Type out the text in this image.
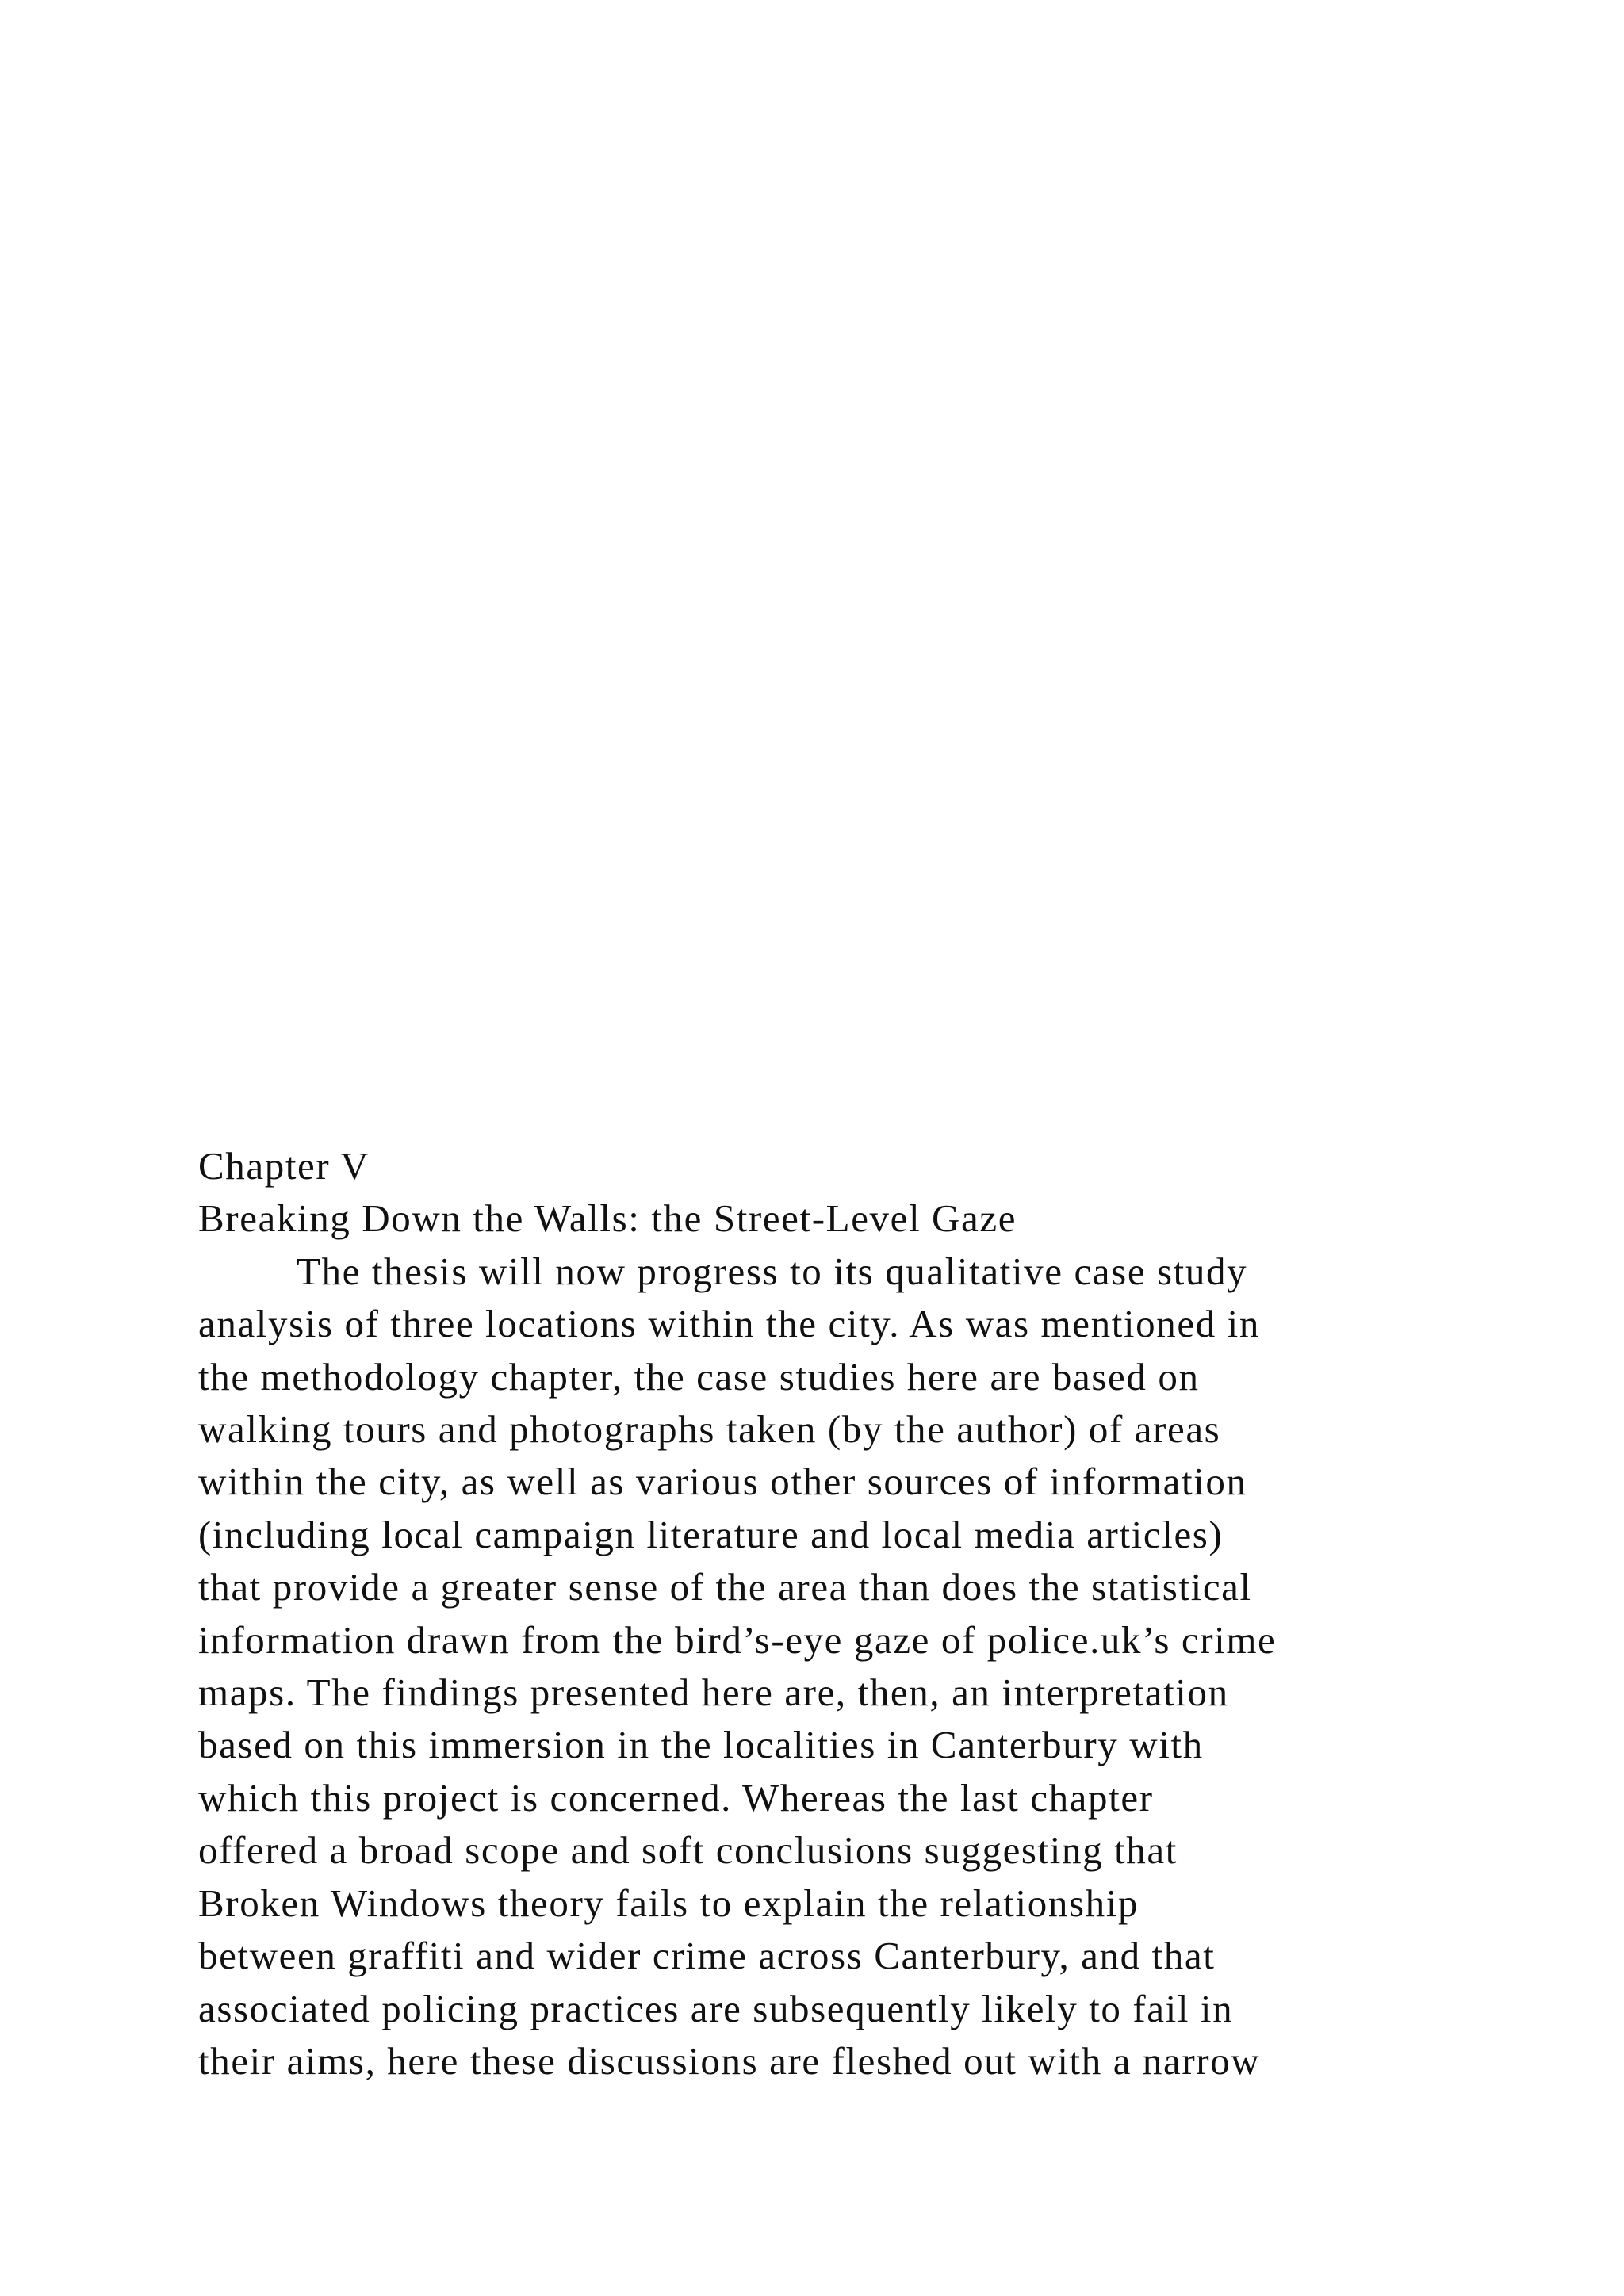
Chapter V
Breaking Down the Walls: the Street-Level Gaze
The thesis will now progress to its qualitative case study
analysis of three locations within the city. As was mentioned in
the methodology chapter, the case studies here are based on
walking tours and photographs taken (by the author) of areas
within the city, as well as various other sources of information
(including local campaign literature and local media articles)
that provide a greater sense of the area than does the statistical
information drawn from the bird’s-eye gaze of police.uk’s crime
maps. The findings presented here are, then, an interpretation
based on this immersion in the localities in Canterbury with
which this project is concerned. Whereas the last chapter
offered a broad scope and soft conclusions suggesting that
Broken Windows theory fails to explain the relationship
between graffiti and wider crime across Canterbury, and that
associated policing practices are subsequently likely to fail in
their aims, here these discussions are fleshed out with a narrow
